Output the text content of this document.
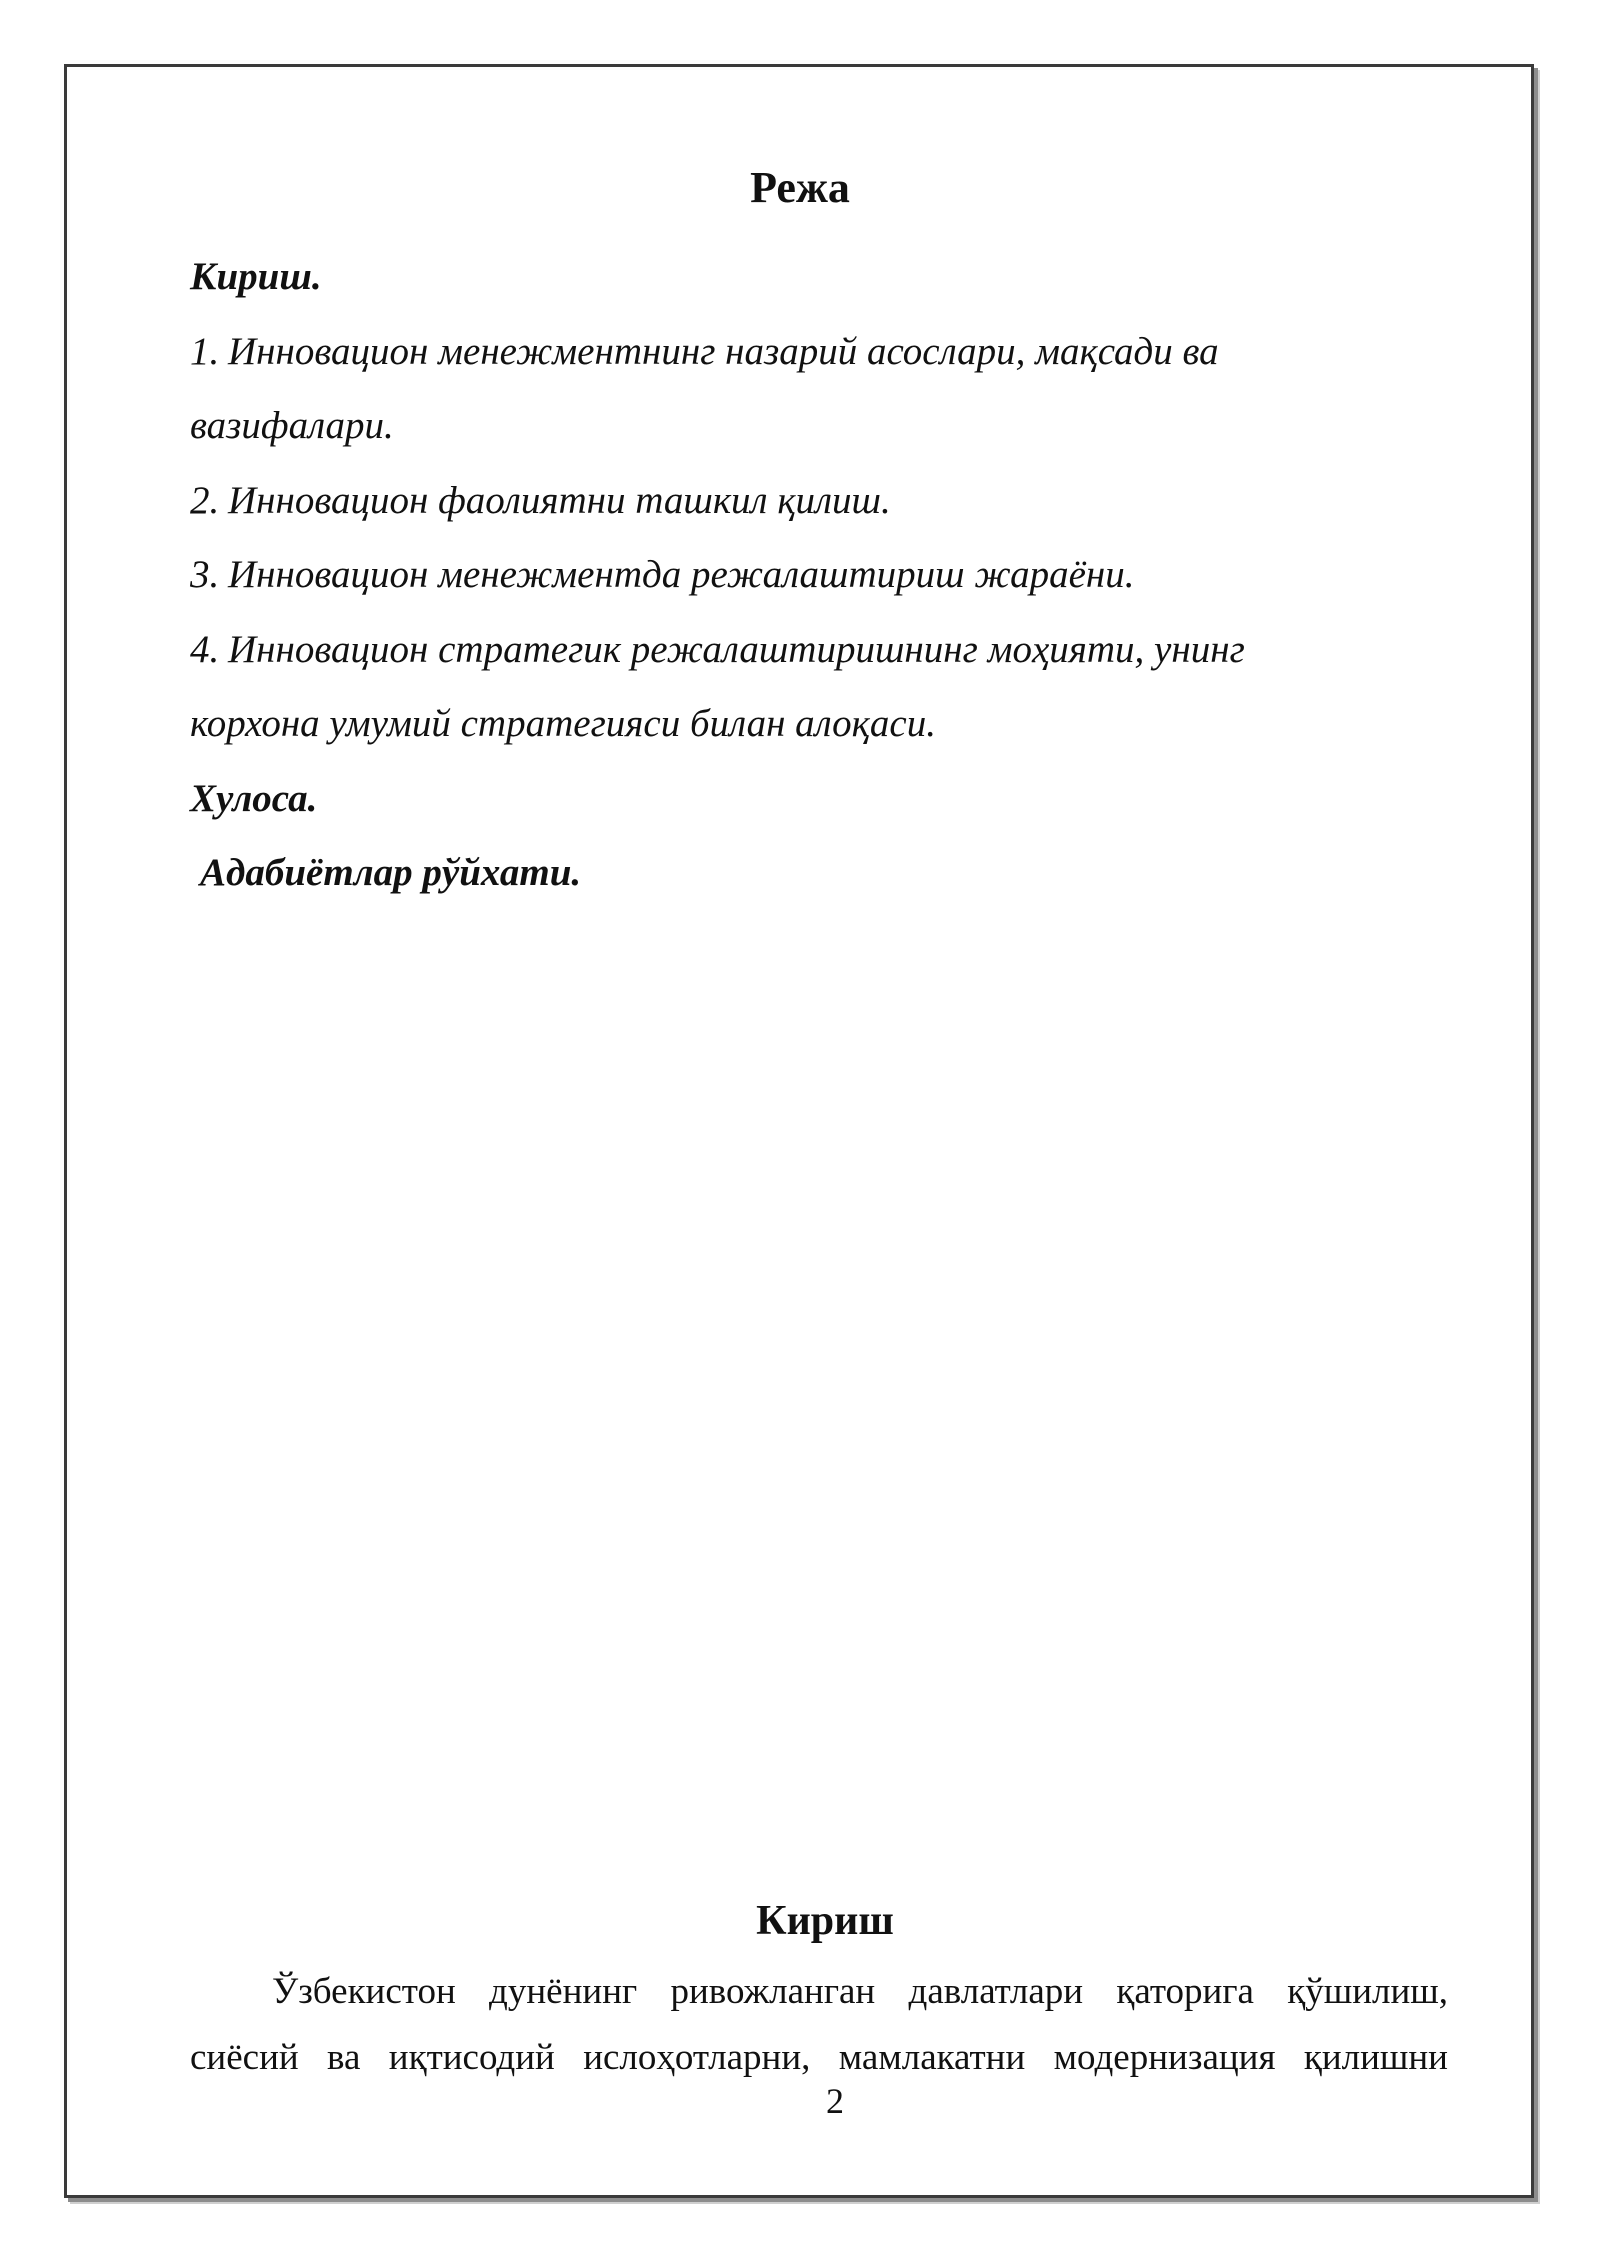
Режа
Кириш.
1. Инновацион менежментнинг назарий асослари, мақсади ва
вазифалари.
2. Инновацион фаолиятни ташкил қилиш.
3. Инновацион менежментда режалаштириш жараёни.
4. Инновацион стратегик режалаштиришнинг моҳияти, унинг
корхона умумий стратегияси билан алоқаси.
Хулоса.
Адабиётлар рўйхати.
Кириш
Ўзбекистон дунёнинг ривожланган давлатлари қаторига қўшилиш,
сиёсий ва иқтисодий ислоҳотларни, мамлакатни модернизация қилишни
2
